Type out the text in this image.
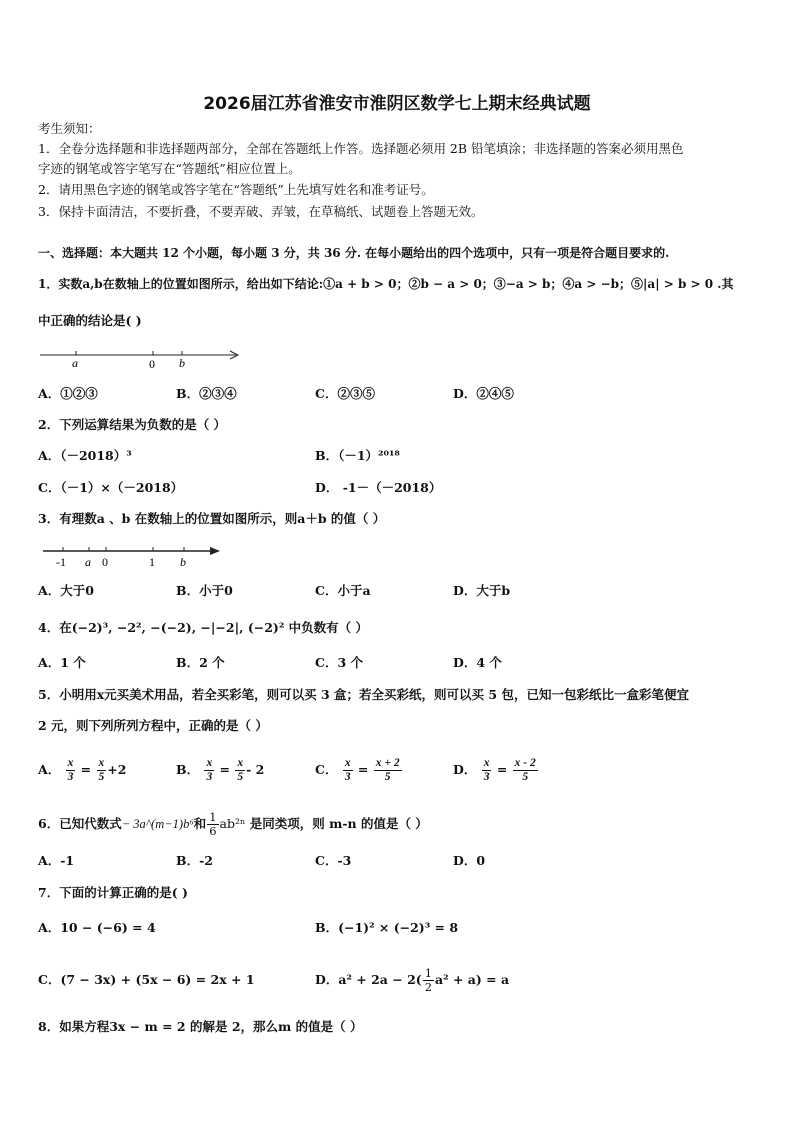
2026届江苏省淮安市淮阴区数学七上期末经典试题
考生须知：
1．全卷分选择题和非选择题两部分，全部在答题纸上作答。选择题必须用 2B 铅笔填涂；非选择题的答案必须用黑色
字迹的钢笔或答字笔写在“答题纸”相应位置上。
2．请用黑色字迹的钢笔或答字笔在“答题纸”上先填写姓名和准考证号。
3．保持卡面清洁，不要折叠，不要弄破、弄皱，在草稿纸、试题卷上答题无效。
一、选择题：本大题共 12 个小题，每小题 3 分，共 36 分. 在每小题给出的四个选项中，只有一项是符合题目要求的.
1．实数a,b在数轴上的位置如图所示，给出如下结论:①a + b > 0；②b − a > 0；③−a > b；④a > −b；⑤|a| > b > 0 .其
中正确的结论是( )
a	0 b
A．①②③	B．②③④	C．②③⑤	D．②④⑤
2．下列运算结果为负数的是（ ）
A．（－2018）³	B．（－1）²⁰¹⁸
C．（－1）×（－2018）	D． -1－（－2018）
3．有理数a 、b 在数轴上的位置如图所示，则a＋b 的值（ ）
-1 a 0	1 b
A．大于0	B．小于0	C．小于a	D．大于b
4．在(−2)³, −2², −(−2), −|−2|, (−2)² 中负数有（ ）
A．1 个	B．2 个	C．3 个	D．4 个
5．小明用x元买美术用品，若全买彩笔，则可以买 3 盒；若全买彩纸，则可以买 5 包，已知一包彩纸比一盒彩笔便宜
2 元，则下列所列方程中，正确的是（ ）
A． $\frac{x}{3} = \frac{x}{5} +2$	B． $\frac{x}{3} = \frac{x}{5} - 2$	C． $\frac{x}{3} = \frac{x + 2}{5}$	D． $\frac{x}{3} = \frac{x - 2}{5}$
6．已知代数式− 3a^(m−1)b⁶和 $\frac{1}{6} ab^{2n}$ 是同类项，则 m-n 的值是（ ）
A．-1	B．-2	C．-3	D．0
7．下面的计算正确的是( )
A．10 − (−6) = 4	B．(−1)² × (−2)³ = 8
C．(7 − 3x) + (5x − 6) = 2x + 1	D．$a^2 + 2a - 2( \frac{1}{2} a^2 + a) = a$
8．如果方程3x − m = 2 的解是 2，那么m 的值是（ ）
